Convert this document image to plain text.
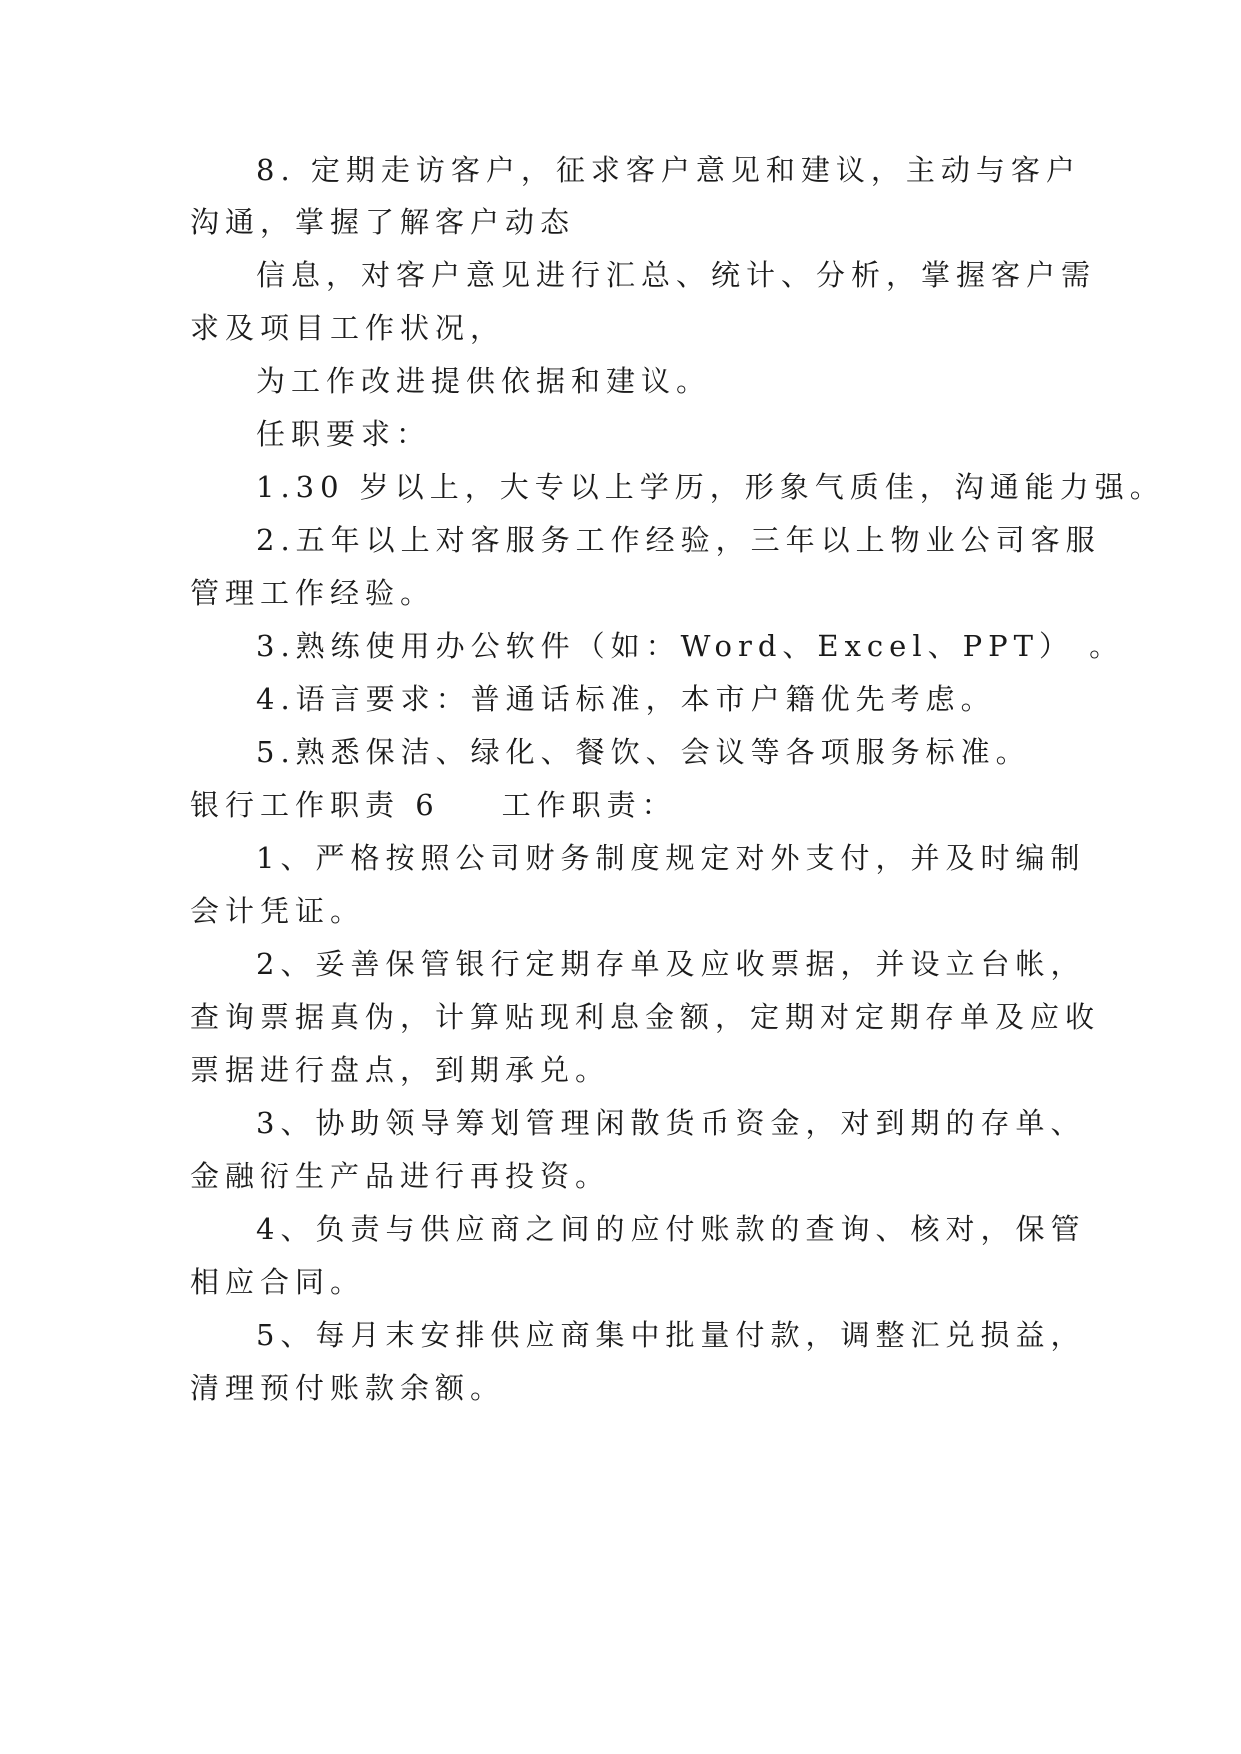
8. 定期走访客户，征求客户意见和建议，主动与客户
沟通，掌握了解客户动态
信息，对客户意见进行汇总、统计、分析，掌握客户需
求及项目工作状况，
为工作改进提供依据和建议。
任职要求：
1.30 岁以上，大专以上学历，形象气质佳，沟通能力强。
2.五年以上对客服务工作经验，三年以上物业公司客服
管理工作经验。
3.熟练使用办公软件（如：Word、Excel、PPT） 。
4.语言要求：普通话标准，本市户籍优先考虑。
5.熟悉保洁、绿化、餐饮、会议等各项服务标准。
银行工作职责 6 工作职责：
1、严格按照公司财务制度规定对外支付，并及时编制
会计凭证。
2、妥善保管银行定期存单及应收票据，并设立台帐，
查询票据真伪，计算贴现利息金额，定期对定期存单及应收
票据进行盘点，到期承兑。
3、协助领导筹划管理闲散货币资金，对到期的存单、
金融衍生产品进行再投资。
4、负责与供应商之间的应付账款的查询、核对，保管
相应合同。
5、每月末安排供应商集中批量付款，调整汇兑损益，
清理预付账款余额。
